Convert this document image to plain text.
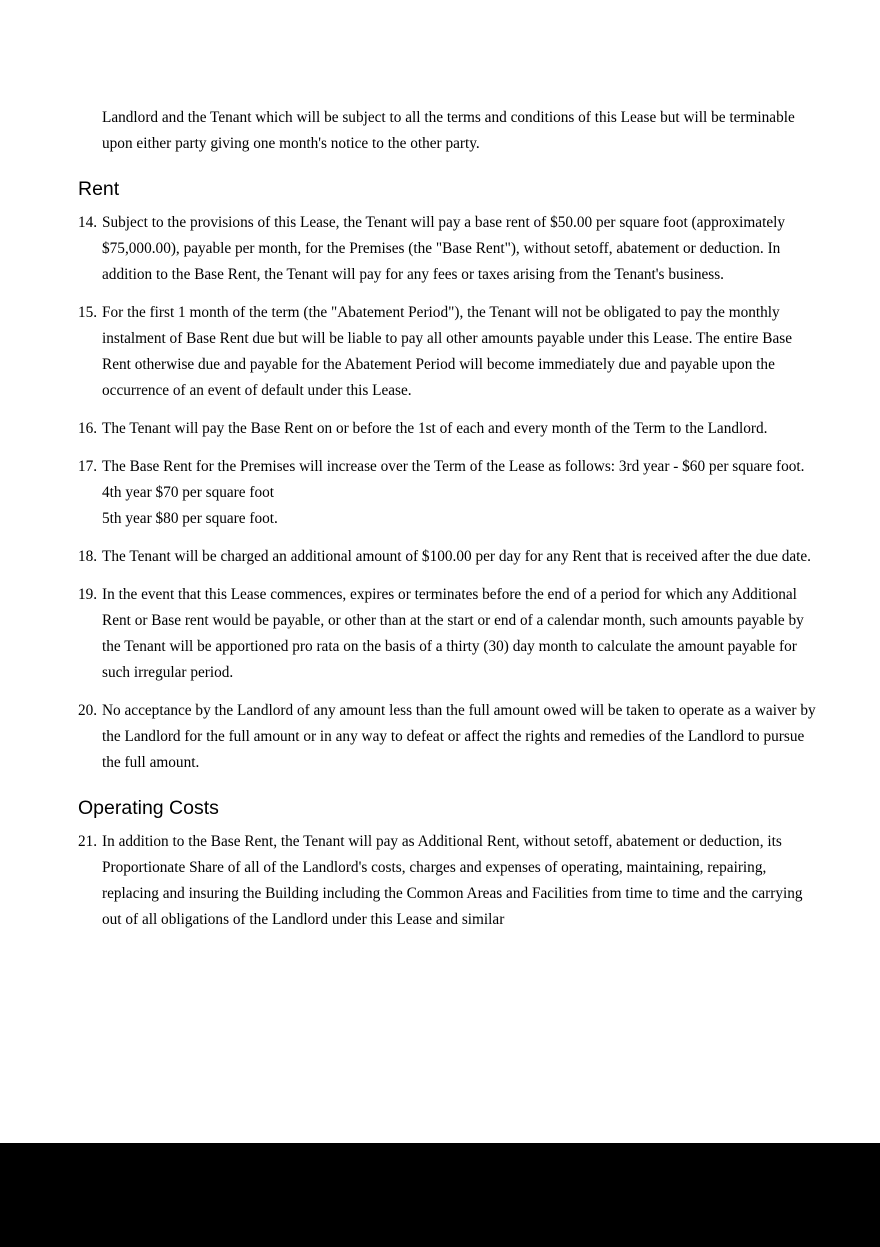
Landlord and the Tenant which will be subject to all the terms and conditions of this Lease but will be terminable upon either party giving one month's notice to the other party.

Rent
14. Subject to the provisions of this Lease, the Tenant will pay a base rent of $50.00 per square foot (approximately $75,000.00), payable per month, for the Premises (the "Base Rent"), without setoff, abatement or deduction. In addition to the Base Rent, the Tenant will pay for any fees or taxes arising from the Tenant's business.
15. For the first 1 month of the term (the "Abatement Period"), the Tenant will not be obligated to pay the monthly instalment of Base Rent due but will be liable to pay all other amounts payable under this Lease. The entire Base Rent otherwise due and payable for the Abatement Period will become immediately due and payable upon the occurrence of an event of default under this Lease.
16. The Tenant will pay the Base Rent on or before the 1st of each and every month of the Term to the Landlord.
17. The Base Rent for the Premises will increase over the Term of the Lease as follows: 3rd year - $60 per square foot.
4th year $70 per square foot
5th year $80 per square foot.
18. The Tenant will be charged an additional amount of $100.00 per day for any Rent that is received after the due date.
19. In the event that this Lease commences, expires or terminates before the end of a period for which any Additional Rent or Base rent would be payable, or other than at the start or end of a calendar month, such amounts payable by the Tenant will be apportioned pro rata on the basis of a thirty (30) day month to calculate the amount payable for such irregular period.
20. No acceptance by the Landlord of any amount less than the full amount owed will be taken to operate as a waiver by the Landlord for the full amount or in any way to defeat or affect the rights and remedies of the Landlord to pursue the full amount.
Operating Costs
21. In addition to the Base Rent, the Tenant will pay as Additional Rent, without setoff, abatement or deduction, its Proportionate Share of all of the Landlord's costs, charges and expenses of operating, maintaining, repairing, replacing and insuring the Building including the Common Areas and Facilities from time to time and the carrying out of all obligations of the Landlord under this Lease and similar
